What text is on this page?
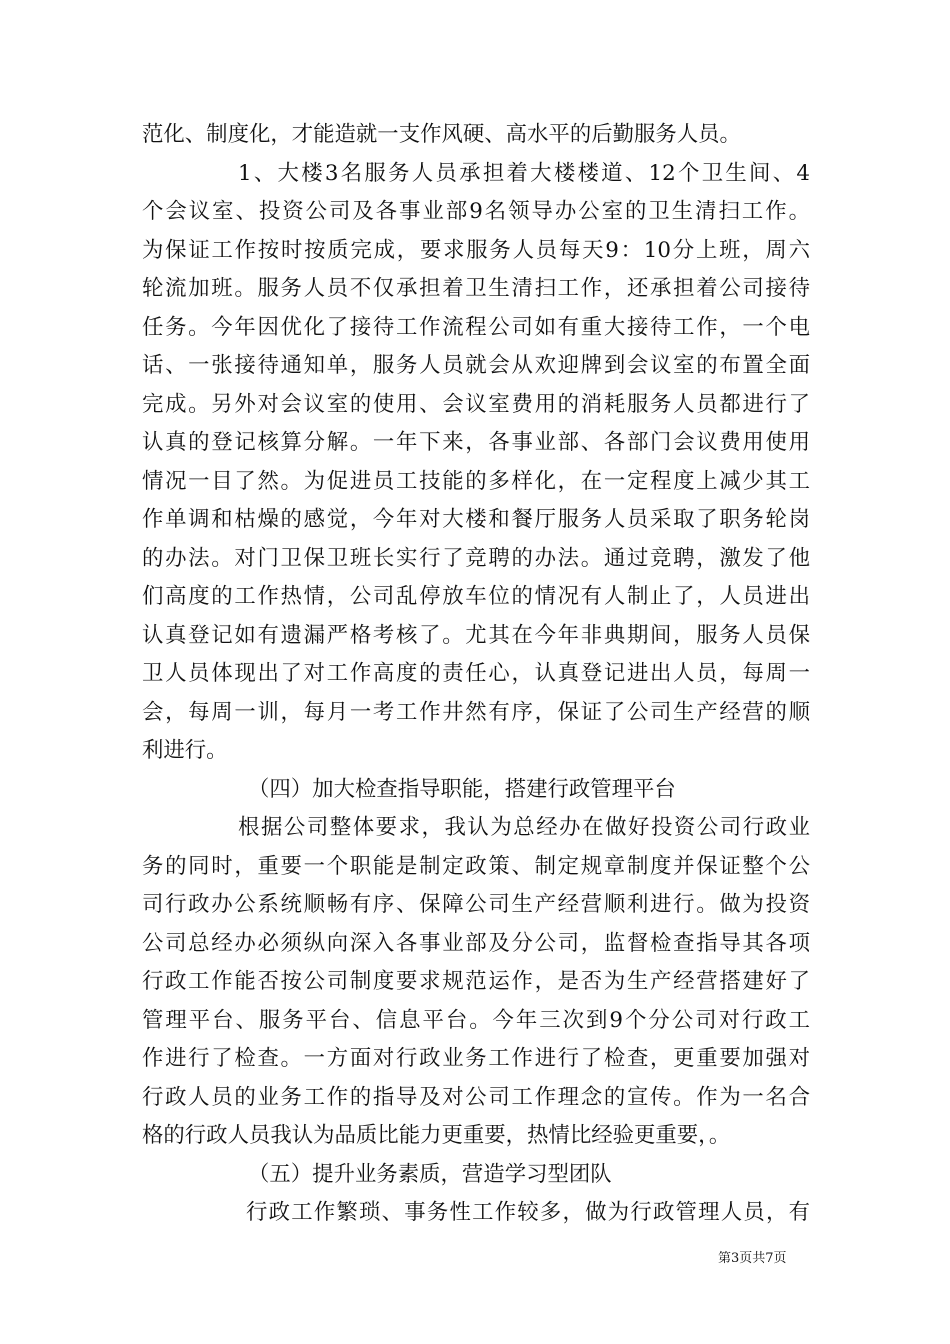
范化、制度化，才能造就一支作风硬、高水平的后勤服务人员。
1、大楼3名服务人员承担着大楼楼道、12个卫生间、4
个会议室、投资公司及各事业部9名领导办公室的卫生清扫工作。
为保证工作按时按质完成，要求服务人员每天9：10分上班，周六
轮流加班。服务人员不仅承担着卫生清扫工作，还承担着公司接待
任务。今年因优化了接待工作流程公司如有重大接待工作，一个电
话、一张接待通知单，服务人员就会从欢迎牌到会议室的布置全面
完成。另外对会议室的使用、会议室费用的消耗服务人员都进行了
认真的登记核算分解。一年下来，各事业部、各部门会议费用使用
情况一目了然。为促进员工技能的多样化，在一定程度上减少其工
作单调和枯燥的感觉，今年对大楼和餐厅服务人员采取了职务轮岗
的办法。对门卫保卫班长实行了竞聘的办法。通过竞聘，激发了他
们高度的工作热情，公司乱停放车位的情况有人制止了，人员进出
认真登记如有遗漏严格考核了。尤其在今年非典期间，服务人员保
卫人员体现出了对工作高度的责任心，认真登记进出人员，每周一
会，每周一训，每月一考工作井然有序，保证了公司生产经营的顺
利进行。
（四）加大检查指导职能，搭建行政管理平台
根据公司整体要求，我认为总经办在做好投资公司行政业
务的同时，重要一个职能是制定政策、制定规章制度并保证整个公
司行政办公系统顺畅有序、保障公司生产经营顺利进行。做为投资
公司总经办必须纵向深入各事业部及分公司，监督检查指导其各项
行政工作能否按公司制度要求规范运作，是否为生产经营搭建好了
管理平台、服务平台、信息平台。今年三次到9个分公司对行政工
作进行了检查。一方面对行政业务工作进行了检查，更重要加强对
行政人员的业务工作的指导及对公司工作理念的宣传。作为一名合
格的行政人员我认为品质比能力更重要，热情比经验更重要，。
（五）提升业务素质，营造学习型团队
行政工作繁琐、事务性工作较多，做为行政管理人员，有
第3页共7页
